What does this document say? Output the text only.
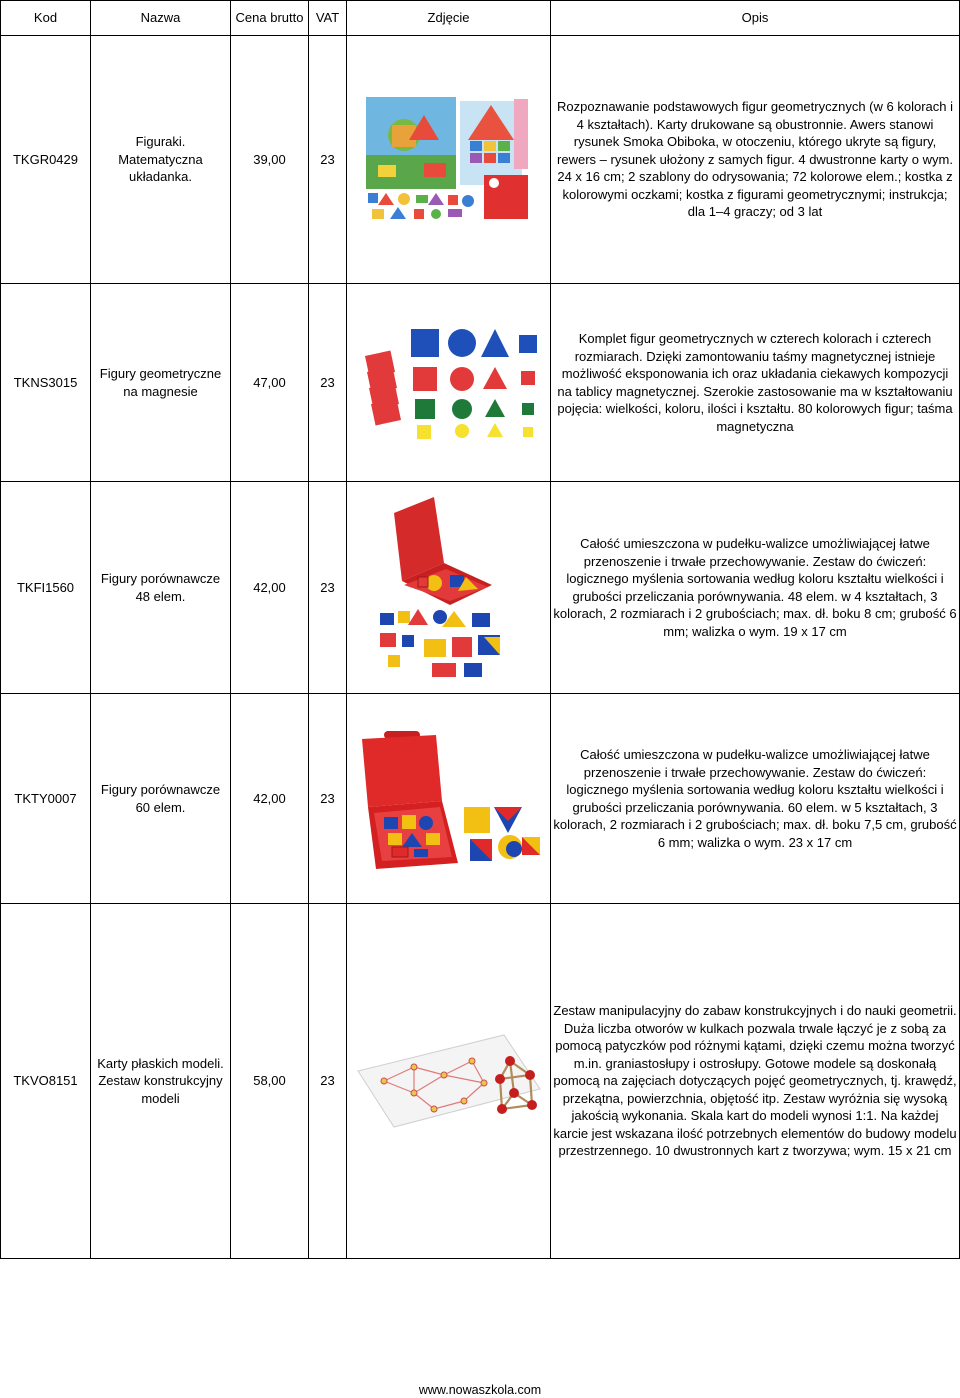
Kod	Nazwa	Cena brutto	VAT	Zdjęcie	Opis
TKGR0429	Figuraki. Matematyczna układanka.	39,00	23		Rozpoznawanie podstawowych figur geometrycznych (w 6 kolorach i 4 kształtach). Karty drukowane są obustronnie. Awers stanowi rysunek Smoka Obiboka, w otoczeniu, którego ukryte są figury, rewers – rysunek ułożony z samych figur. 4 dwustronne karty o wym. 24 x 16 cm; 2 szablony do odrysowania; 72 kolorowe elem.; kostka z kolorowymi oczkami; kostka z figurami geometrycznymi; instrukcja; dla 1–4 graczy; od 3 lat
TKNS3015	Figury geometryczne na magnesie	47,00	23		Komplet figur geometrycznych w czterech kolorach i czterech rozmiarach. Dzięki zamontowaniu taśmy magnetycznej istnieje możliwość eksponowania ich oraz układania ciekawych kompozycji na tablicy magnetycznej. Szerokie zastosowanie ma w kształtowaniu pojęcia: wielkości, koloru, ilości i kształtu. 80 kolorowych figur; taśma magnetyczna
TKFI1560	Figury porównawcze 48 elem.	42,00	23		Całość umieszczona w pudełku-walizce umożliwiającej łatwe przenoszenie i trwałe przechowywanie. Zestaw do ćwiczeń: logicznego myślenia sortowania według koloru kształtu wielkości i grubości przeliczania porównywania. 48 elem. w 4 kształtach, 3 kolorach, 2 rozmiarach i 2 grubościach; max. dł. boku 8 cm; grubość 6 mm; walizka o wym. 19 x 17 cm
TKTY0007	Figury porównawcze 60 elem.	42,00	23		Całość umieszczona w pudełku-walizce umożliwiającej łatwe przenoszenie i trwałe przechowywanie. Zestaw do ćwiczeń: logicznego myślenia sortowania według koloru kształtu wielkości i grubości przeliczania porównywania. 60 elem. w 5 kształtach, 3 kolorach, 2 rozmiarach i 2 grubościach; max. dł. boku 7,5 cm, grubość 6 mm; walizka o wym. 23 x 17 cm
TKVO8151	Karty płaskich modeli. Zestaw konstrukcyjny modeli	58,00	23		Zestaw manipulacyjny do zabaw konstrukcyjnych i do nauki geometrii. Duża liczba otworów w kulkach pozwala trwale łączyć je z sobą za pomocą patyczków pod różnymi kątami, dzięki czemu można tworzyć m.in. graniastosłupy i ostrosłupy. Gotowe modele są doskonałą pomocą na zajęciach dotyczących pojęć geometrycznych, tj. krawędź, przekątna, powierzchnia, objętość itp. Zestaw wyróżnia się wysoką jakością wykonania. Skala kart do modeli wynosi 1:1. Na każdej karcie jest wskazana ilość potrzebnych elementów do budowy modelu przestrzennego. 10 dwustronnych kart z tworzywa; wym. 15 x 21 cm
www.nowaszkola.com
